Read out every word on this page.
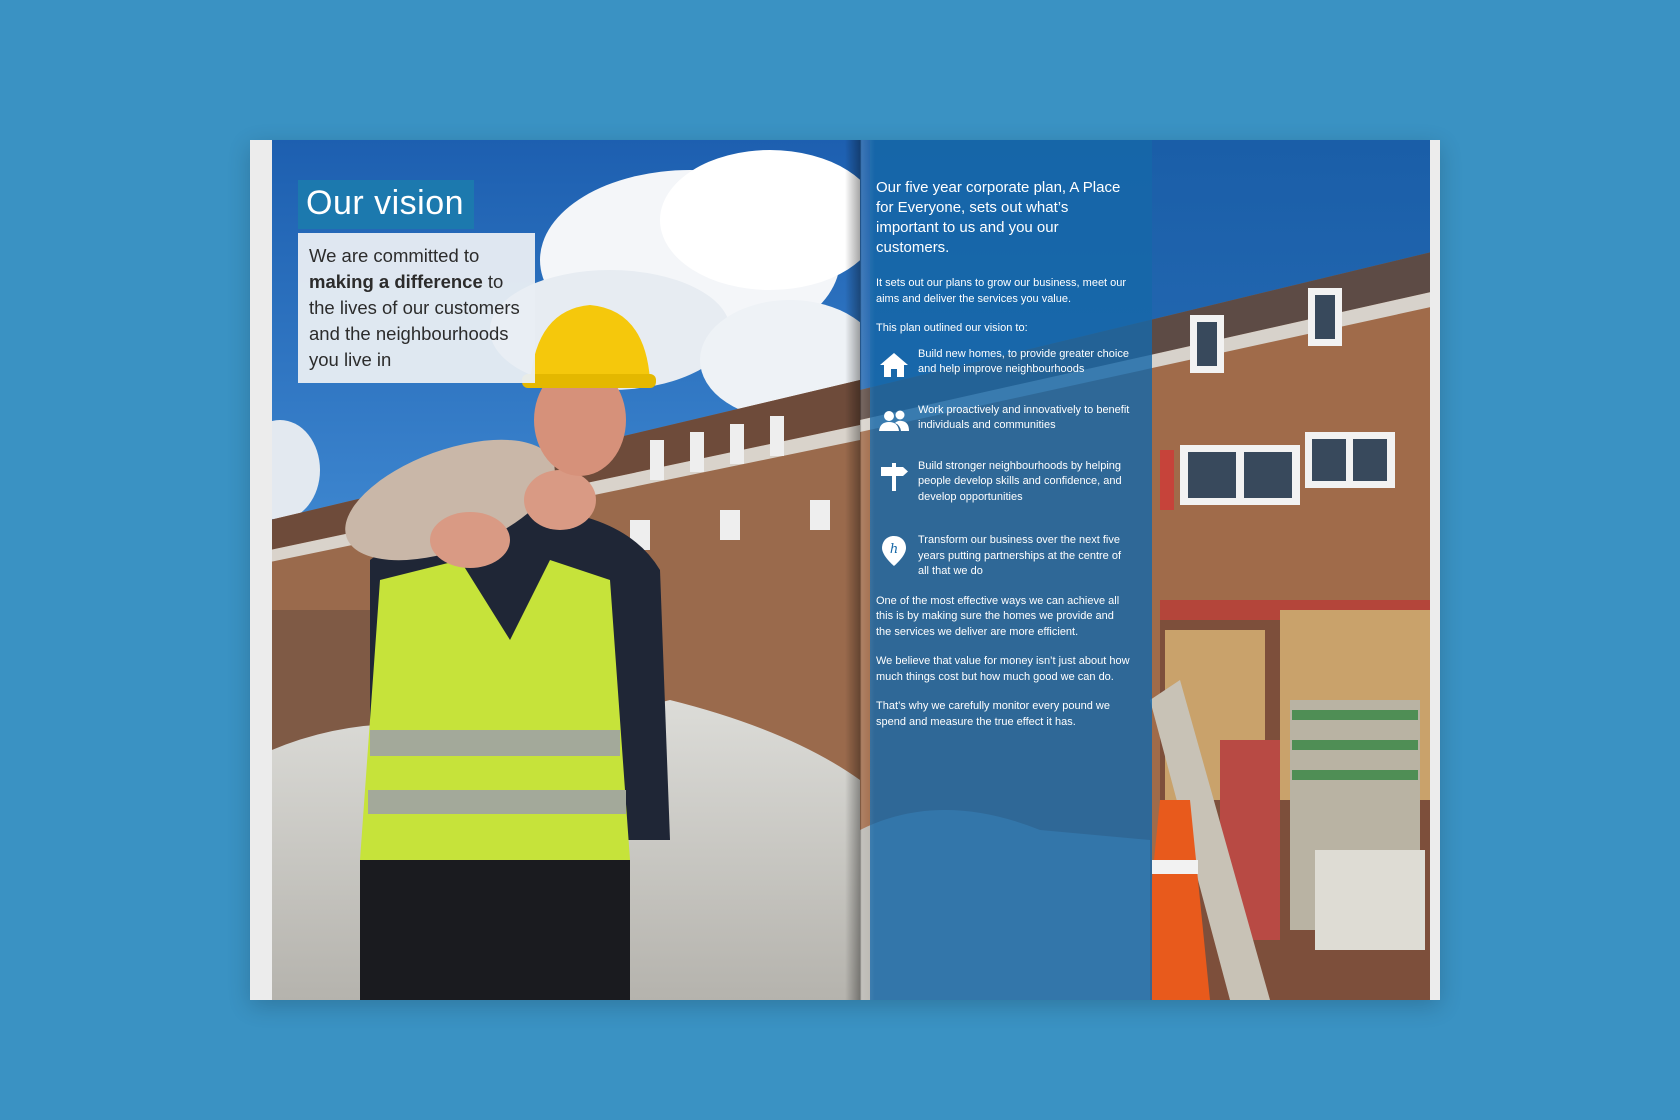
Our vision
We are committed to making a difference to the lives of our customers and the neighbourhoods you live in

Our five year corporate plan, A Place for Everyone, sets out what’s important to us and you our customers.

It sets out our plans to grow our business, meet our aims and deliver the services you value.

This plan outlined our vision to:

Build new homes, to provide greater choice and help improve neighbourhoods
Work proactively and innovatively to benefit individuals and communities
Build stronger neighbourhoods by helping people develop skills and confidence, and develop opportunities
h
Transform our business over the next five years putting partnerships at the centre of all that we do

One of the most effective ways we can achieve all this is by making sure the homes we provide and the services we deliver are more efficient.

We believe that value for money isn’t just about how much things cost but how much good we can do.

That’s why we carefully monitor every pound we spend and measure the true effect it has.
